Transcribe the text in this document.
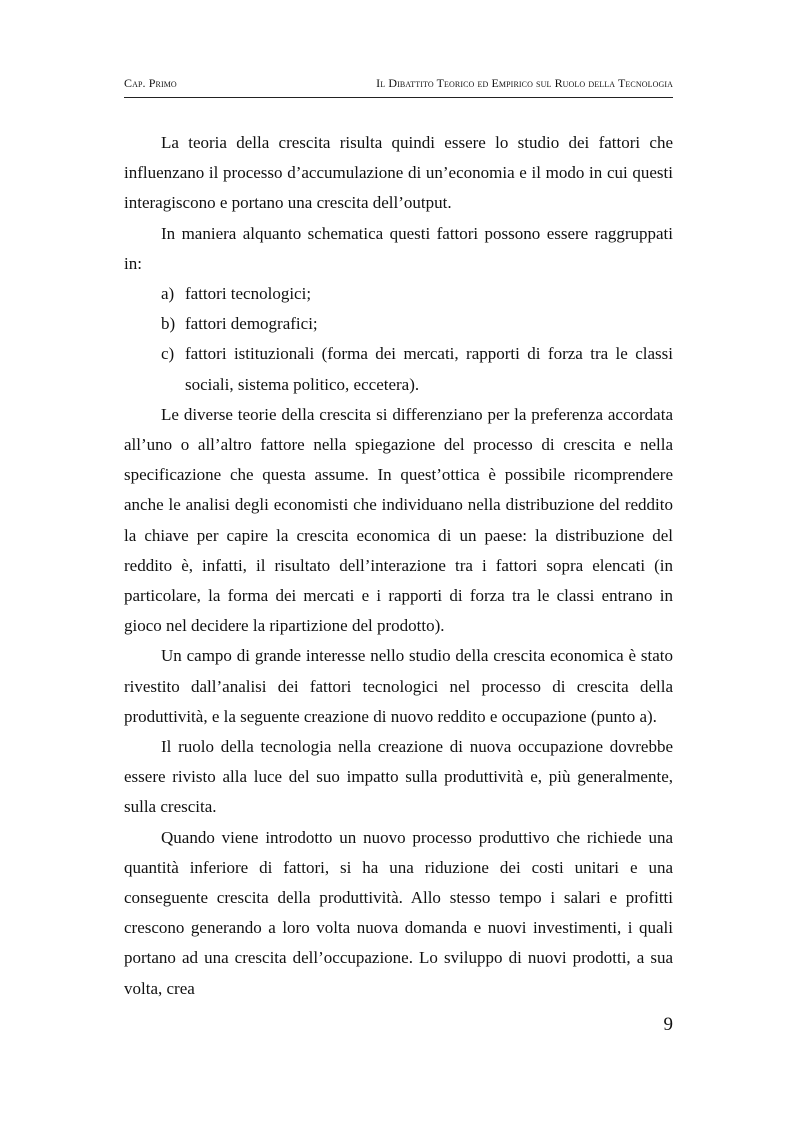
Cap. Primo	Il Dibattito Teorico ed Empirico sul Ruolo della Tecnologia

La teoria della crescita risulta quindi essere lo studio dei fattori che influenzano il processo d’accumulazione di un’economia e il modo in cui questi interagiscono e portano una crescita dell’output.

In maniera alquanto schematica questi fattori possono essere raggruppati in:

a) fattori tecnologici;
b) fattori demografici;
c) fattori istituzionali (forma dei mercati, rapporti di forza tra le classi sociali, sistema politico, eccetera).

Le diverse teorie della crescita si differenziano per la preferenza accordata all’uno o all’altro fattore nella spiegazione del processo di crescita e nella specificazione che questa assume. In quest’ottica è possibile ricomprendere anche le analisi degli economisti che individuano nella distribuzione del reddito la chiave per capire la crescita economica di un paese: la distribuzione del reddito è, infatti, il risultato dell’interazione tra i fattori sopra elencati (in particolare, la forma dei mercati e i rapporti di forza tra le classi entrano in gioco nel decidere la ripartizione del prodotto).

Un campo di grande interesse nello studio della crescita economica è stato rivestito dall’analisi dei fattori tecnologici nel processo di crescita della produttività, e la seguente creazione di nuovo reddito e occupazione (punto a).

Il ruolo della tecnologia nella creazione di nuova occupazione dovrebbe essere rivisto alla luce del suo impatto sulla produttività e, più generalmente, sulla crescita.

Quando viene introdotto un nuovo processo produttivo che richiede una quantità inferiore di fattori, si ha una riduzione dei costi unitari e una conseguente crescita della produttività. Allo stesso tempo i salari e profitti crescono generando a loro volta nuova domanda e nuovi investimenti, i quali portano ad una crescita dell’occupazione. Lo sviluppo di nuovi prodotti, a sua volta, crea

9
